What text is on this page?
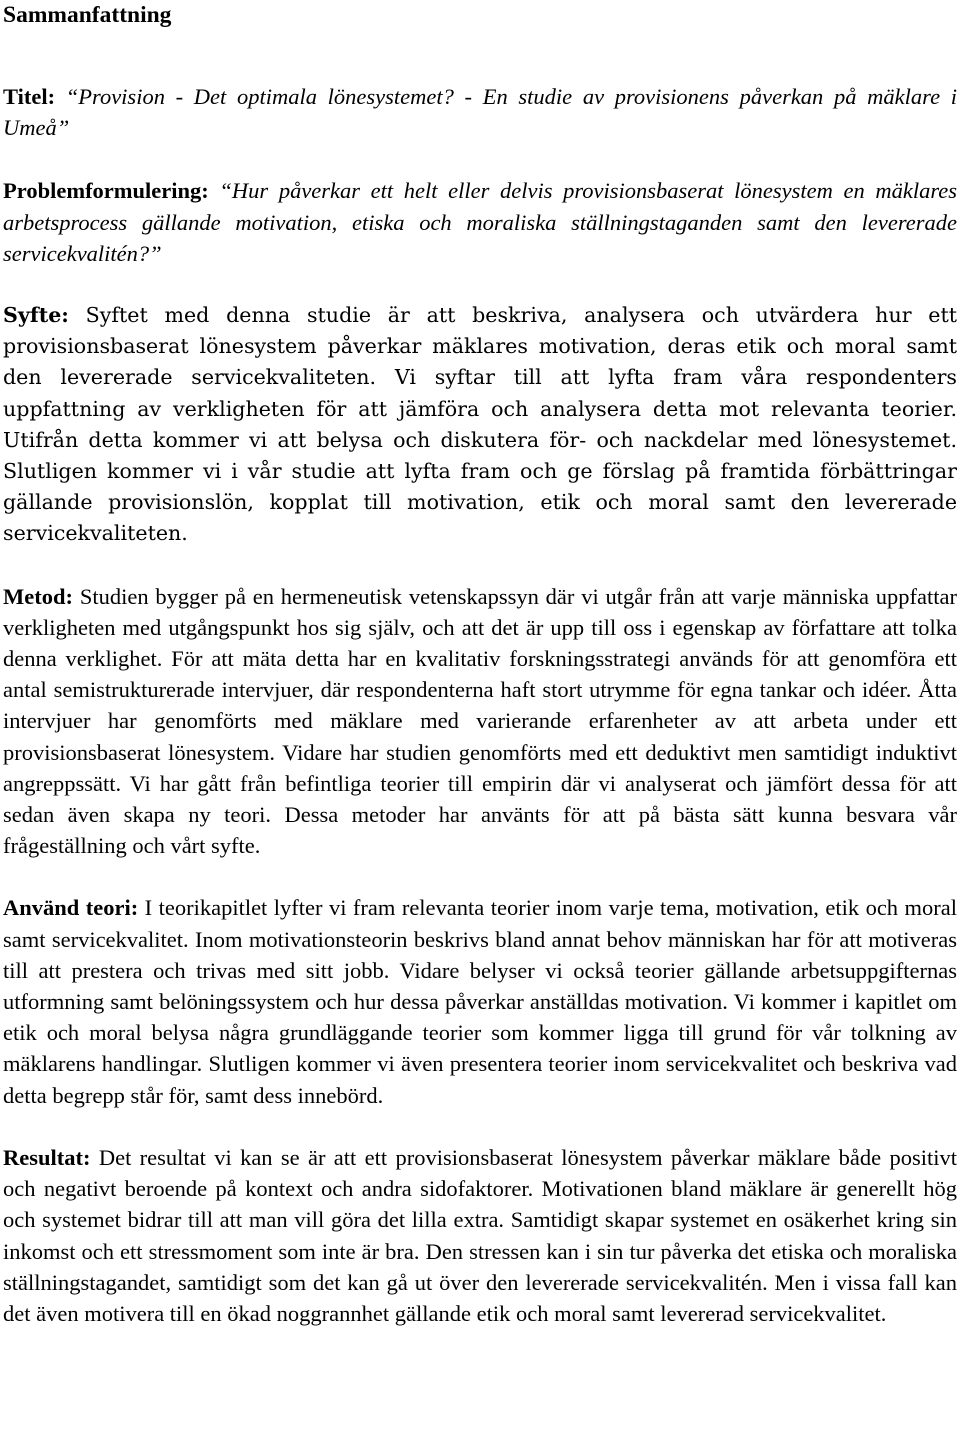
Sammanfattning

Titel: “Provision - Det optimala lönesystemet? - En studie av provisionens påverkan på mäklare i Umeå”

Problemformulering: “Hur påverkar ett helt eller delvis provisionsbaserat lönesystem en mäklares arbetsprocess gällande motivation, etiska och moraliska ställningstaganden samt den levererade servicekvalitén?”

Syfte: Syftet med denna studie är att beskriva, analysera och utvärdera hur ett provisionsbaserat lönesystem påverkar mäklares motivation, deras etik och moral samt den levererade servicekvaliteten. Vi syftar till att lyfta fram våra respondenters uppfattning av verkligheten för att jämföra och analysera detta mot relevanta teorier. Utifrån detta kommer vi att belysa och diskutera för- och nackdelar med lönesystemet. Slutligen kommer vi i vår studie att lyfta fram och ge förslag på framtida förbättringar gällande provisionslön, kopplat till motivation, etik och moral samt den levererade servicekvaliteten.

Metod: Studien bygger på en hermeneutisk vetenskapssyn där vi utgår från att varje människa uppfattar verkligheten med utgångspunkt hos sig själv, och att det är upp till oss i egenskap av författare att tolka denna verklighet. För att mäta detta har en kvalitativ forskningsstrategi används för att genomföra ett antal semistrukturerade intervjuer, där respondenterna haft stort utrymme för egna tankar och idéer. Åtta intervjuer har genomförts med mäklare med varierande erfarenheter av att arbeta under ett provisionsbaserat lönesystem. Vidare har studien genomförts med ett deduktivt men samtidigt induktivt angreppssätt. Vi har gått från befintliga teorier till empirin där vi analyserat och jämfört dessa för att sedan även skapa ny teori. Dessa metoder har använts för att på bästa sätt kunna besvara vår frågeställning och vårt syfte.

Använd teori: I teorikapitlet lyfter vi fram relevanta teorier inom varje tema, motivation, etik och moral samt servicekvalitet. Inom motivationsteorin beskrivs bland annat behov människan har för att motiveras till att prestera och trivas med sitt jobb. Vidare belyser vi också teorier gällande arbetsuppgifternas utformning samt belöningssystem och hur dessa påverkar anställdas motivation. Vi kommer i kapitlet om etik och moral belysa några grundläggande teorier som kommer ligga till grund för vår tolkning av mäklarens handlingar. Slutligen kommer vi även presentera teorier inom servicekvalitet och beskriva vad detta begrepp står för, samt dess innebörd.

Resultat: Det resultat vi kan se är att ett provisionsbaserat lönesystem påverkar mäklare både positivt och negativt beroende på kontext och andra sidofaktorer. Motivationen bland mäklare är generellt hög och systemet bidrar till att man vill göra det lilla extra. Samtidigt skapar systemet en osäkerhet kring sin inkomst och ett stressmoment som inte är bra. Den stressen kan i sin tur påverka det etiska och moraliska ställningstagandet, samtidigt som det kan gå ut över den levererade servicekvalitén. Men i vissa fall kan det även motivera till en ökad noggrannhet gällande etik och moral samt levererad servicekvalitet.
